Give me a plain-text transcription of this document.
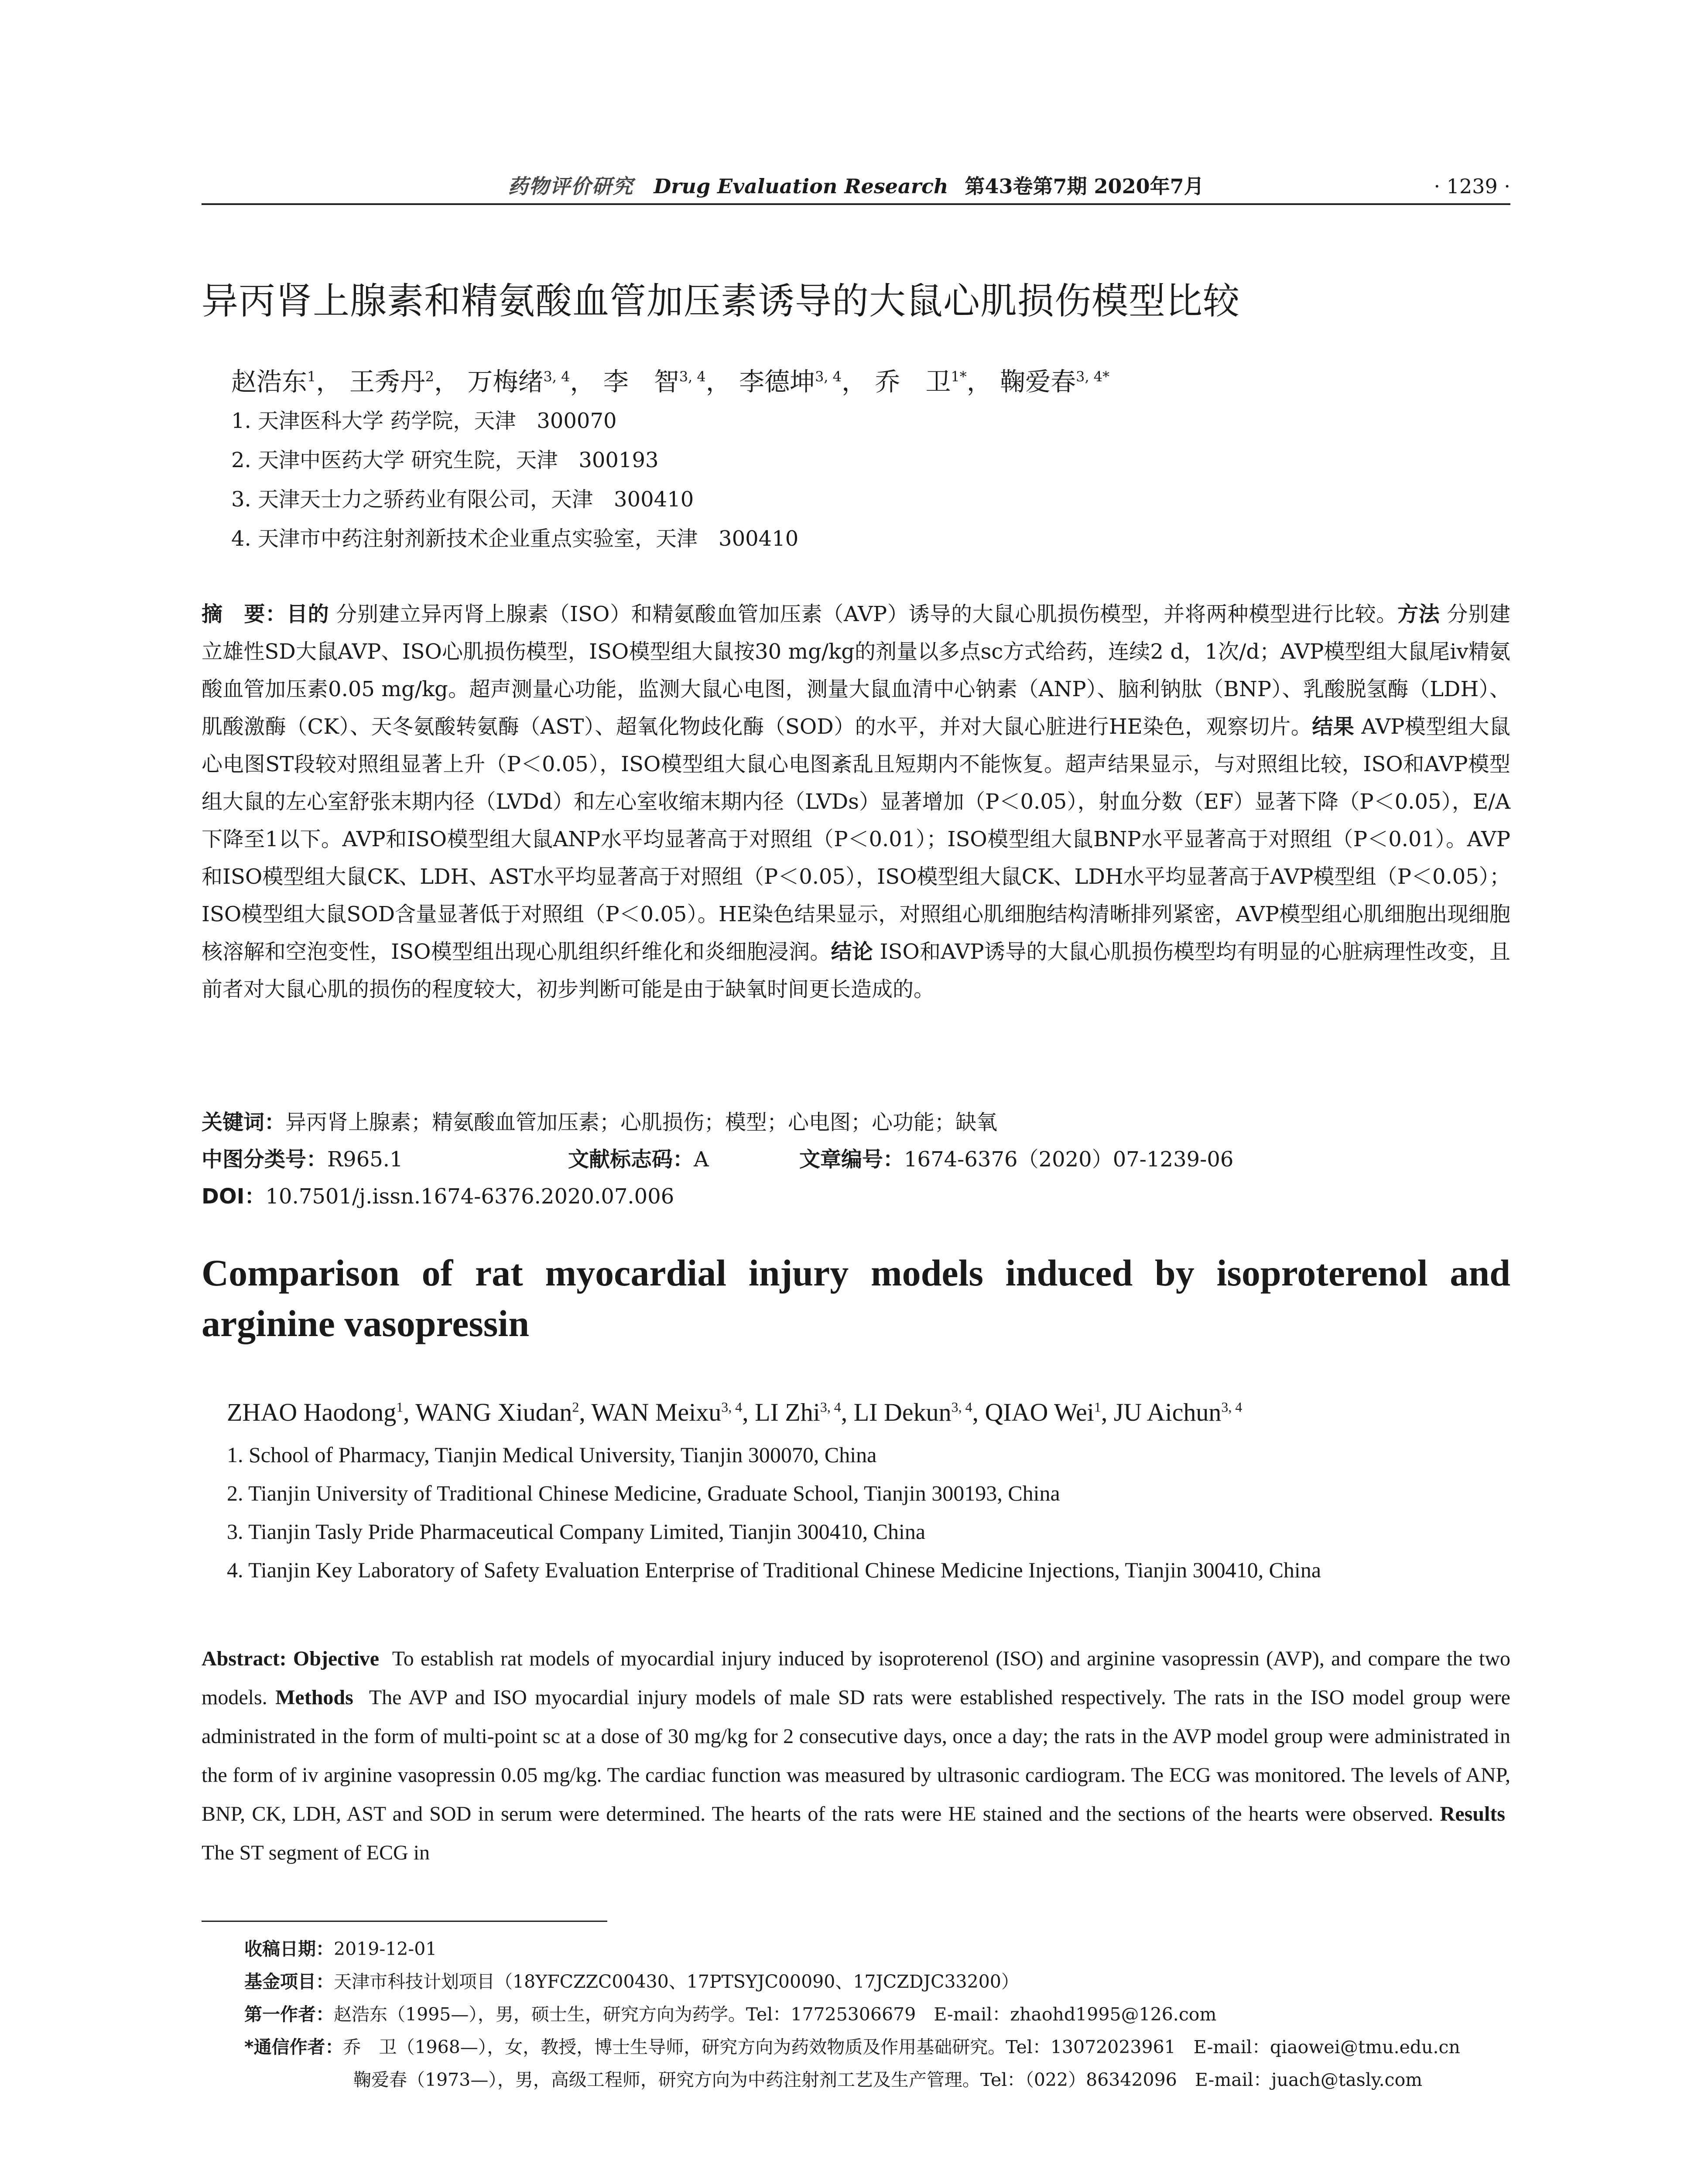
药物评价研究 Drug Evaluation Research 第43卷第7期 2020年7月	· 1239 ·
异丙肾上腺素和精氨酸血管加压素诱导的大鼠心肌损伤模型比较
赵浩东$^1$， 王秀丹$^2$， 万梅绪$^{3, 4}$， 李　智$^{3, 4}$， 李德坤$^{3, 4}$， 乔　卫$^{1*}$， 鞠爱春$^{3, 4*}$
1. 天津医科大学 药学院，天津　300070
2. 天津中医药大学 研究生院，天津　300193
3. 天津天士力之骄药业有限公司，天津　300410
4. 天津市中药注射剂新技术企业重点实验室，天津　300410
摘　要：目的 分别建立异丙肾上腺素（ISO）和精氨酸血管加压素（AVP）诱导的大鼠心肌损伤模型，并将两种模型进行比较。方法 分别建立雄性SD大鼠AVP、ISO心肌损伤模型，ISO模型组大鼠按30 mg/kg的剂量以多点sc方式给药，连续2 d，1次/d；AVP模型组大鼠尾iv精氨酸血管加压素0.05 mg/kg。超声测量心功能，监测大鼠心电图，测量大鼠血清中心钠素（ANP）、脑利钠肽（BNP）、乳酸脱氢酶（LDH）、肌酸激酶（CK）、天冬氨酸转氨酶（AST）、超氧化物歧化酶（SOD）的水平，并对大鼠心脏进行HE染色，观察切片。结果 AVP模型组大鼠心电图ST段较对照组显著上升（P＜0.05），ISO模型组大鼠心电图紊乱且短期内不能恢复。超声结果显示，与对照组比较，ISO和AVP模型组大鼠的左心室舒张末期内径（LVDd）和左心室收缩末期内径（LVDs）显著增加（P＜0.05），射血分数（EF）显著下降（P＜0.05），E/A下降至1以下。AVP和ISO模型组大鼠ANP水平均显著高于对照组（P＜0.01）；ISO模型组大鼠BNP水平显著高于对照组（P＜0.01）。AVP和ISO模型组大鼠CK、LDH、AST水平均显著高于对照组（P＜0.05），ISO模型组大鼠CK、LDH水平均显著高于AVP模型组（P＜0.05）；ISO模型组大鼠SOD含量显著低于对照组（P＜0.05）。HE染色结果显示，对照组心肌细胞结构清晰排列紧密，AVP模型组心肌细胞出现细胞核溶解和空泡变性，ISO模型组出现心肌组织纤维化和炎细胞浸润。结论 ISO和AVP诱导的大鼠心肌损伤模型均有明显的心脏病理性改变，且前者对大鼠心肌的损伤的程度较大，初步判断可能是由于缺氧时间更长造成的。
关键词：异丙肾上腺素；精氨酸血管加压素；心肌损伤；模型；心电图；心功能；缺氧
中图分类号：R965.1	文献标志码：A	文章编号：1674-6376（2020）07-1239-06
DOI：10.7501/j.issn.1674-6376.2020.07.006
Comparison of rat myocardial injury models induced by isoproterenol and arginine vasopressin
ZHAO Haodong$^1$, WANG Xiudan$^2$, WAN Meixu$^{3, 4}$, LI Zhi$^{3, 4}$, LI Dekun$^{3, 4}$, QIAO Wei$^1$, JU Aichun$^{3, 4}$
1. School of Pharmacy, Tianjin Medical University, Tianjin 300070, China
2. Tianjin University of Traditional Chinese Medicine, Graduate School, Tianjin 300193, China
3. Tianjin Tasly Pride Pharmaceutical Company Limited, Tianjin 300410, China
4. Tianjin Key Laboratory of Safety Evaluation Enterprise of Traditional Chinese Medicine Injections, Tianjin 300410, China
Abstract: Objective To establish rat models of myocardial injury induced by isoproterenol (ISO) and arginine vasopressin (AVP), and compare the two models. Methods The AVP and ISO myocardial injury models of male SD rats were established respectively. The rats in the ISO model group were administrated in the form of multi-point sc at a dose of 30 mg/kg for 2 consecutive days, once a day; the rats in the AVP model group were administrated in the form of iv arginine vasopressin 0.05 mg/kg. The cardiac function was measured by ultrasonic cardiogram. The ECG was monitored. The levels of ANP, BNP, CK, LDH, AST and SOD in serum were determined. The hearts of the rats were HE stained and the sections of the hearts were observed. Results  The ST segment of ECG in
收稿日期：2019-12-01
基金项目：天津市科技计划项目（18YFCZZC00430、17PTSYJC00090、17JCZDJC33200）
第一作者：赵浩东（1995—），男，硕士生，研究方向为药学。Tel：17725306679　E-mail：zhaohd1995@126.com
*通信作者：乔　卫（1968—），女，教授，博士生导师，研究方向为药效物质及作用基础研究。Tel：13072023961　E-mail：qiaowei@tmu.edu.cn
鞠爱春（1973—），男，高级工程师，研究方向为中药注射剂工艺及生产管理。Tel：（022）86342096　E-mail：juach@tasly.com
